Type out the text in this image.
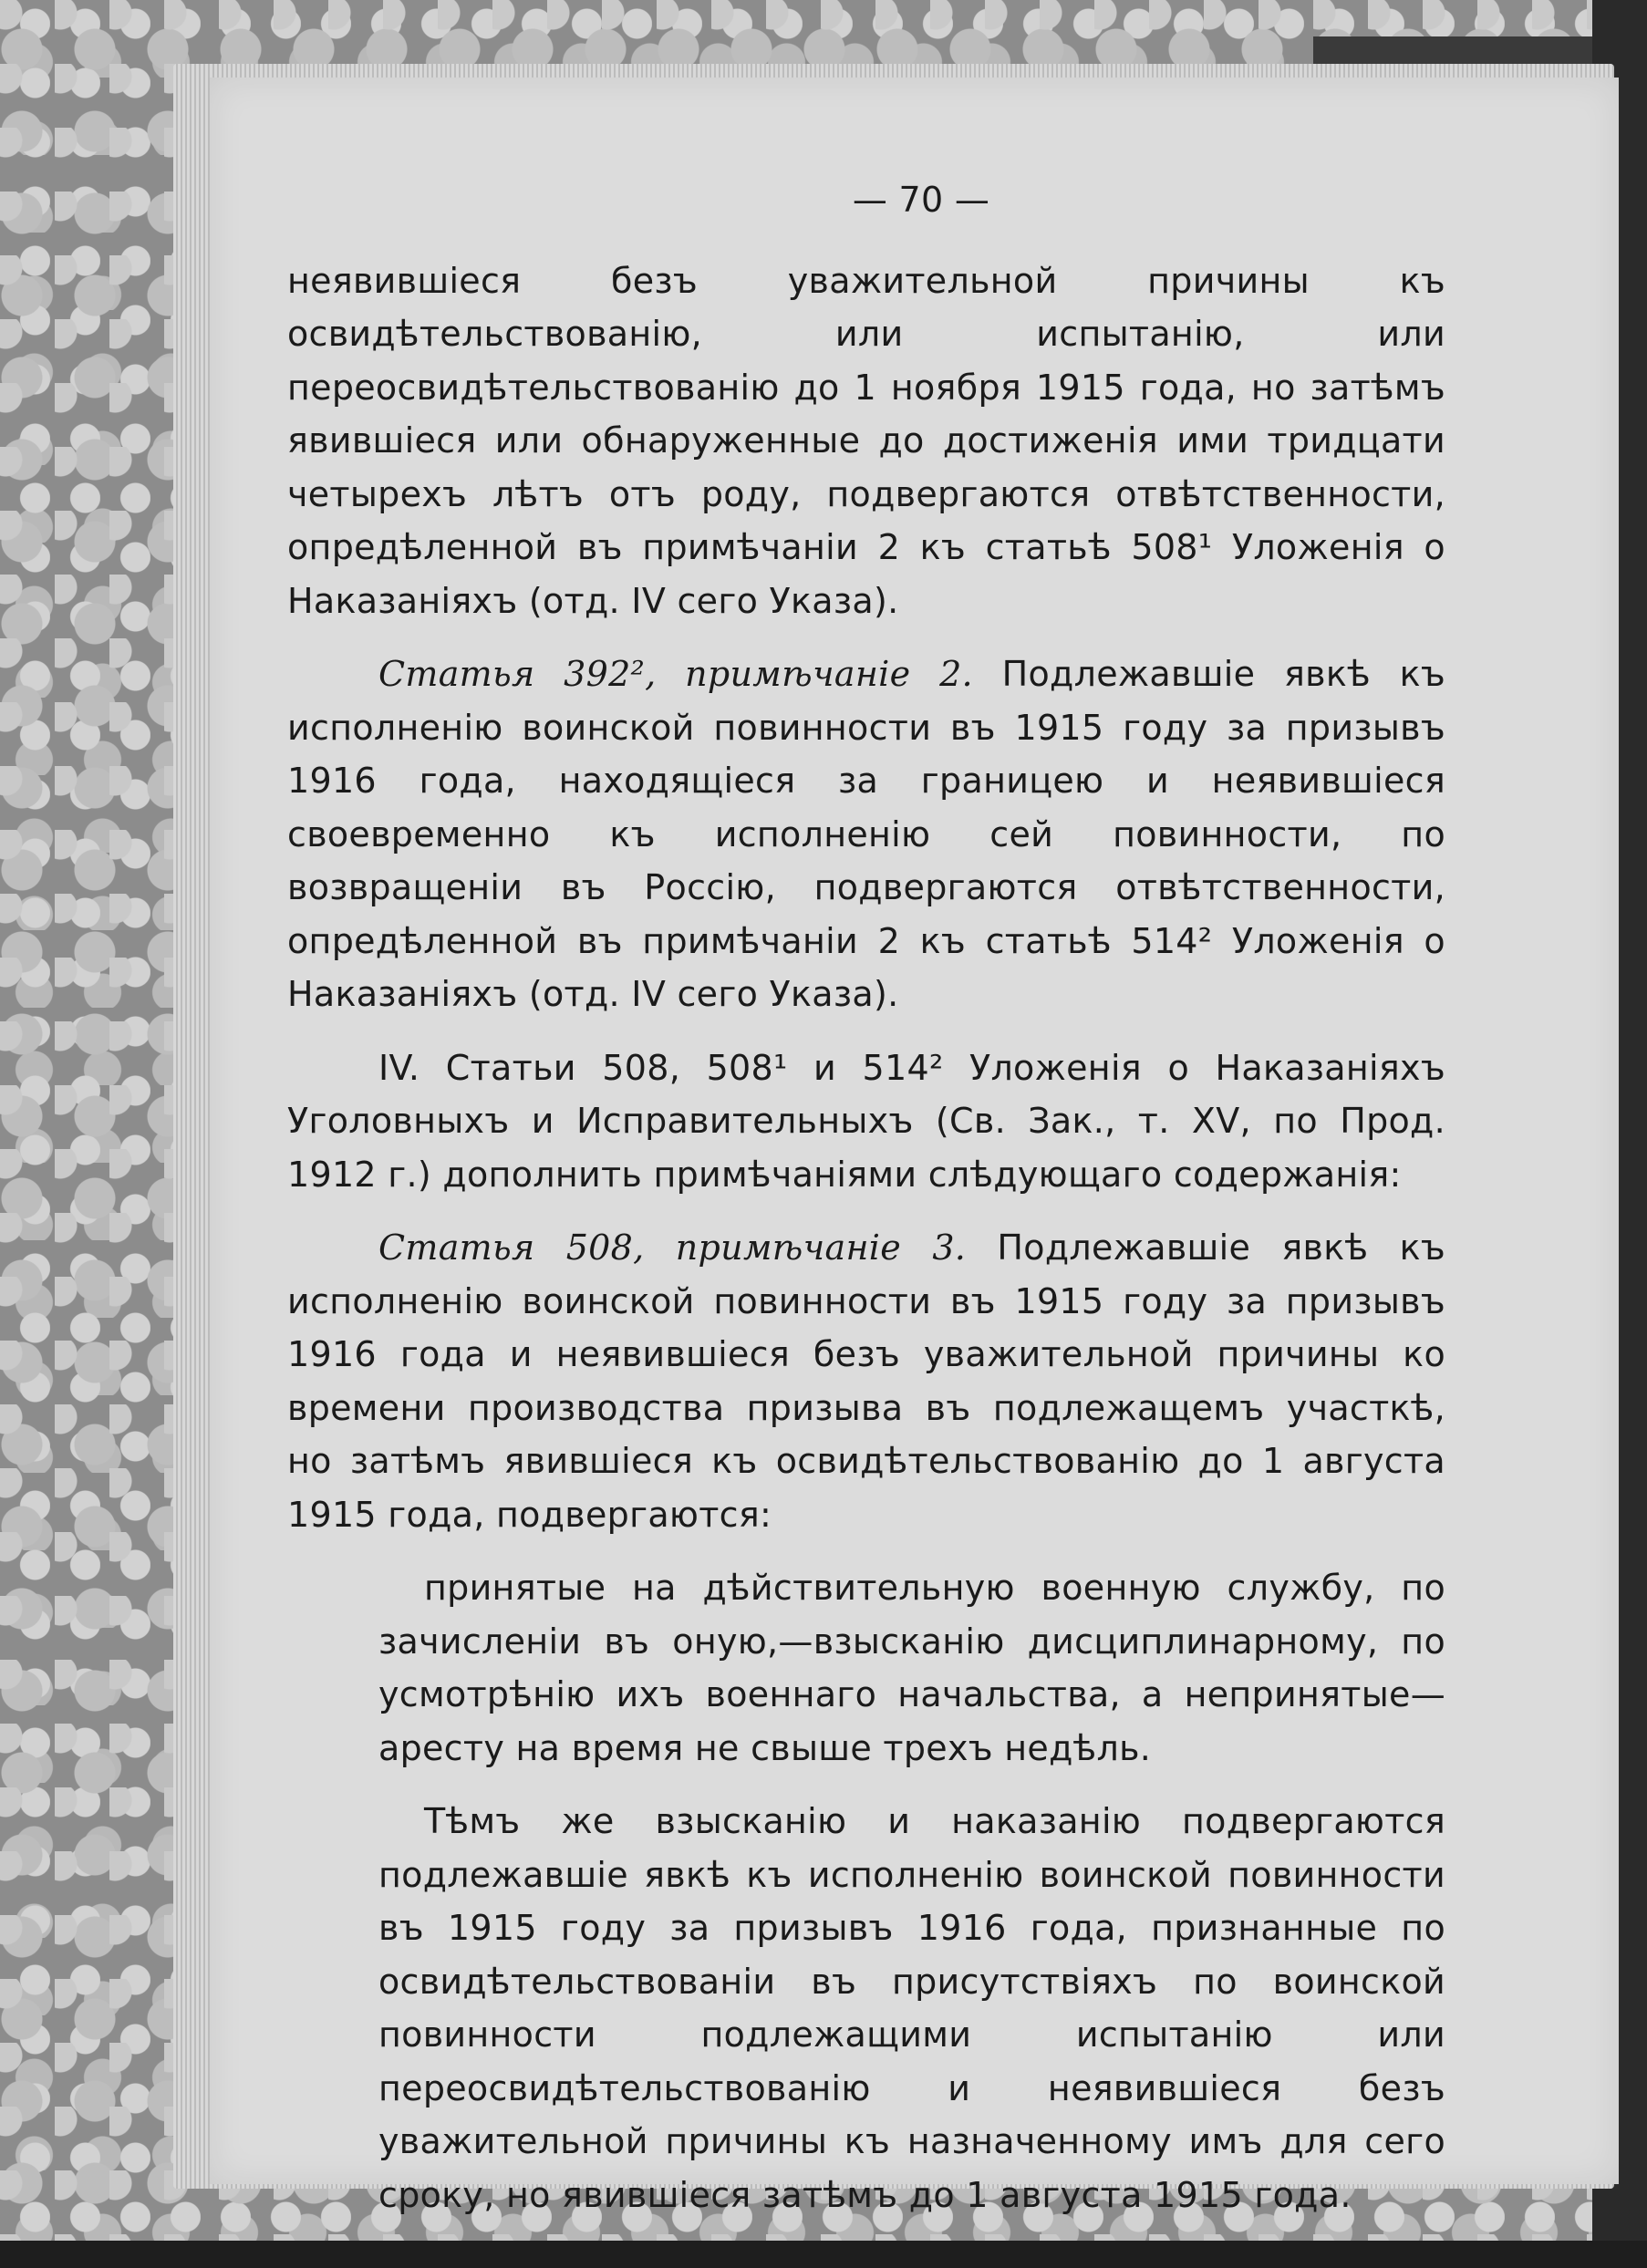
— 70 —

неявившіеся безъ уважительной причины къ освидѣтельствованію, или испытанію, или переосвидѣтельствованію до 1 ноября 1915 года, но затѣмъ явившіеся или обнаруженные до достиженія ими тридцати четырехъ лѣтъ отъ роду, подвергаются отвѣтственности, опредѣленной въ примѣчаніи 2 къ статьѣ 508¹ Уложенія о Наказаніяхъ (отд. IV сего Указа).

Статья 392², примѣчаніе 2. Подлежавшіе явкѣ къ исполненію воинской повинности въ 1915 году за призывъ 1916 года, находящіеся за границею и неявившіеся своевременно къ исполненію сей повинности, по возвращеніи въ Россію, подвергаются отвѣтственности, опредѣленной въ примѣчаніи 2 къ статьѣ 514² Уложенія о Наказаніяхъ (отд. IV сего Указа).

IV. Статьи 508, 508¹ и 514² Уложенія о Наказаніяхъ Уголовныхъ и Исправительныхъ (Св. Зак., т. XV, по Прод. 1912 г.) дополнить примѣчаніями слѣдующаго содержанія:

Статья 508, примѣчаніе 3. Подлежавшіе явкѣ къ исполненію воинской повинности въ 1915 году за призывъ 1916 года и неявившіеся безъ уважительной причины ко времени производства призыва въ подлежащемъ участкѣ, но затѣмъ явившіеся къ освидѣтельствованію до 1 августа 1915 года, подвергаются:

принятые на дѣйствительную военную службу, по зачисленіи въ оную,—взысканію дисциплинарному, по усмотрѣнію ихъ военнаго начальства, а непринятые—аресту на время не свыше трехъ недѣль.

Тѣмъ же взысканію и наказанію подвергаются подлежавшіе явкѣ къ исполненію воинской повинности въ 1915 году за призывъ 1916 года, признанные по освидѣтельствованіи въ присутствіяхъ по воинской повинности подлежащими испытанію или переосвидѣтельствованію и неявившіеся безъ уважительной причины къ назначенному имъ для сего сроку, но явившіеся затѣмъ до 1 августа 1915 года.
